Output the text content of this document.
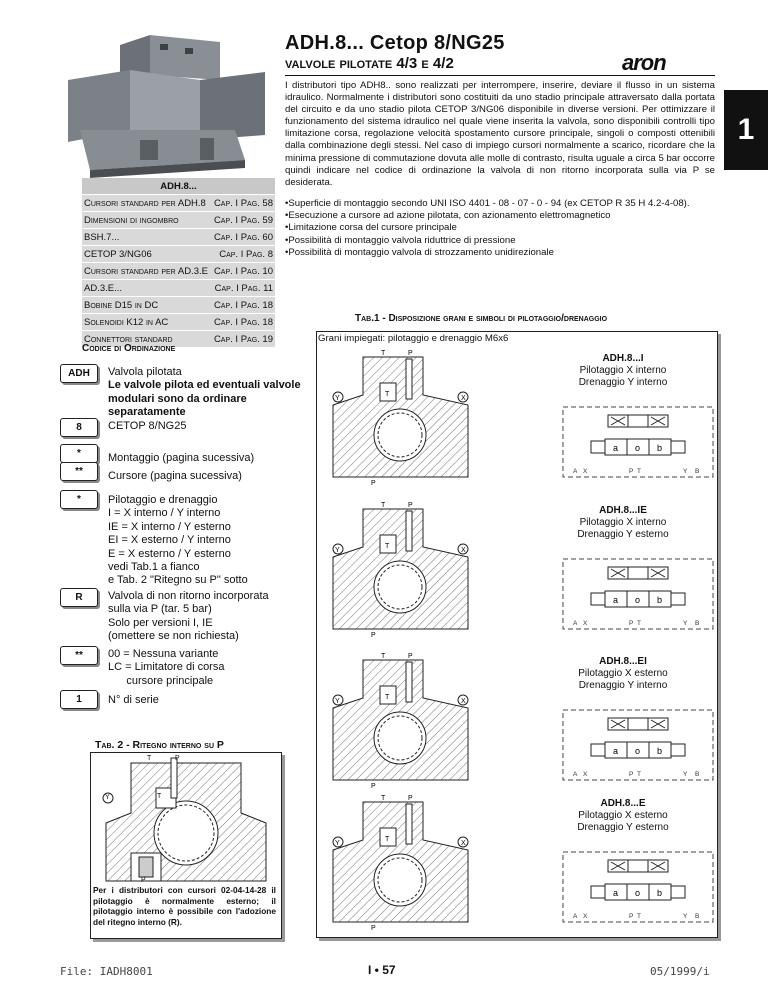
ADH.8...	
Cursori standard per ADH.8	Cap. I Pag. 58
Dimensioni di ingombro	Cap. I Pag. 59
BSH.7...	Cap. I Pag. 60
CETOP 3/NG06	Cap. I Pag. 8
Cursori standard per AD.3.E	Cap. I Pag. 10
AD.3.E...	Cap. I Pag. 11
Bobine D15 in DC	Cap. I Pag. 18
Solenoidi K12 in AC	Cap. I Pag. 18
Connettori standard	Cap. I Pag. 19
ADH.8... Cetop 8/NG25
valvole pilotate 4/3 e 4/2	aron
1
I distributori tipo ADH8.. sono realizzati per interrompere, inserire, deviare il flusso in un sistema idraulico. Normalmente i distributori sono costituiti da uno stadio principale attraversato dalla portata del circuito e da uno stadio pilota CETOP 3/NG06 disponibile in diverse versioni. Per ottimizzare il funzionamento del sistema idraulico nel quale viene inserita la valvola, sono disponibili controlli tipo limitazione corsa, regolazione velocità spostamento cursore principale, singoli o composti ottenibili dalla combinazione degli stessi. Nel caso di impiego cursori normalmente a scarico, ricordare che la minima pressione di commutazione dovuta alle molle di contrasto, risulta uguale a circa 5 bar occorre quindi indicare nel codice di ordinazione la valvola di non ritorno incorporata sulla via P se desiderata.
• Superficie di montaggio secondo UNI ISO 4401 - 08 - 07 - 0 - 94 (ex CETOP R 35 H 4.2-4-08).
• Esecuzione a cursore ad azione pilotata, con azionamento elettromagnetico
• Limitazione corsa del cursore principale
• Possibilità di montaggio valvola riduttrice di pressione
• Possibilità di montaggio valvola di strozzamento unidirezionale
Codice di Ordinazione
ADH	Valvola pilotata
Le valvole pilota ed eventuali valvole modulari sono da ordinare separatamente
8	CETOP 8/NG25
*	Montaggio (pagina sucessiva)
**	Cursore (pagina sucessiva)
*	Pilotaggio e drenaggio
I = X interno / Y interno
IE = X interno / Y esterno
EI = X esterno / Y interno
E = X esterno / Y esterno
vedi Tab.1 a fianco
e Tab. 2 "Ritegno su P" sotto
R	Valvola di non ritorno incorporata
sulla via P (tar. 5 bar)
Solo per versioni I, IE
(omettere se non richiesta)
**	00 = Nessuna variante
LC = Limitatore di corsa
cursore principale
1	N° di serie
Tab. 2 - Ritegno interno su P
T	P
Y	T
P
Per i distributori con cursori 02-04-14-28 il pilotaggio è normalmente esterno; il pilotaggio interno è possibile con l'adozione del ritegno interno (R).
Tab.1 - Disposizione grani e simboli di pilotaggio/drenaggio
Grani impiegati: pilotaggio e drenaggio M6x6
T	P
Y	X
T
P
a o b
A X	P T	Y B
ADH.8...I
Pilotaggio X interno
Drenaggio Y interno
T	P
Y	X
T
P
a o b
A X	P T	Y B
ADH.8...IE
Pilotaggio X interno
Drenaggio Y esterno
T	P
Y	X
T
P
a o b
A X	P T	Y B
ADH.8...EI
Pilotaggio X esterno
Drenaggio Y interno
T	P
Y	X
T
P
a o b
A X	P T	Y B
ADH.8...E
Pilotaggio X esterno
Drenaggio Y esterno
File: IADH8001	I • 57	05/1999/i
